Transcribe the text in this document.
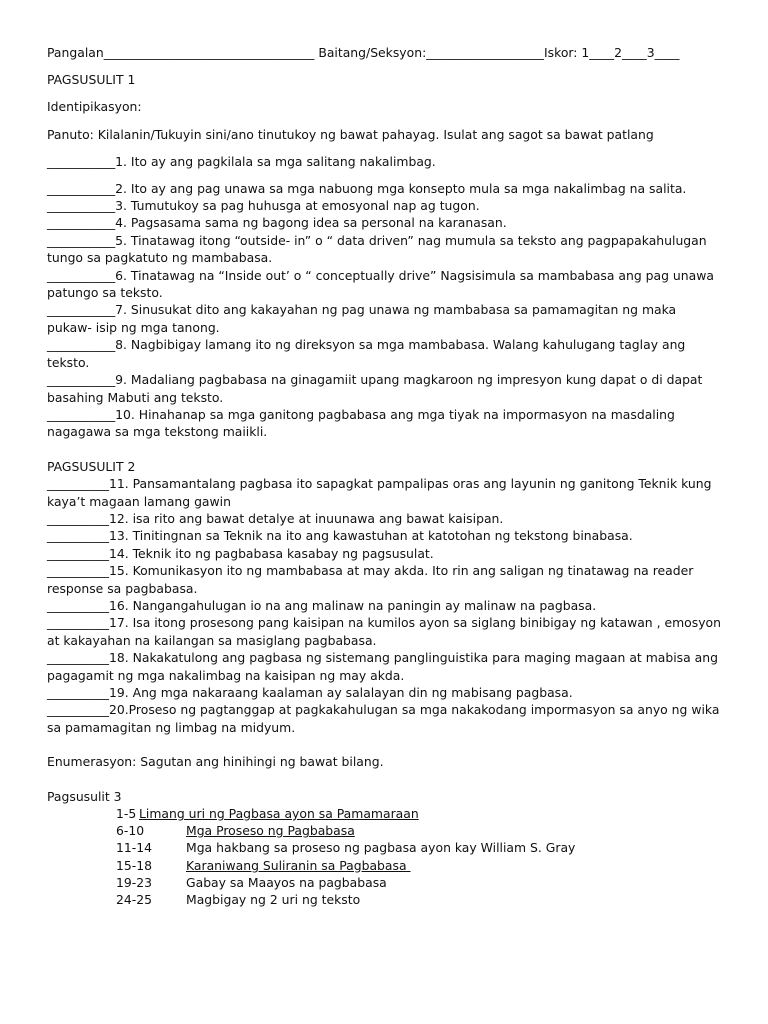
Pangalan__________________________________ Baitang/Seksyon:___________________Iskor: 1____2____3____
PAGSUSULIT 1
Identipikasyon:
Panuto: Kilalanin/Tukuyin sini/ano tinutukoy ng bawat pahayag. Isulat ang sagot sa bawat patlang
___________1. Ito ay ang pagkilala sa mga salitang nakalimbag.
___________2. Ito ay ang pag unawa sa mga nabuong mga konsepto mula sa mga nakalimbag na salita.
___________3. Tumutukoy sa pag huhusga at emosyonal nap ag tugon.
___________4. Pagsasama sama ng bagong idea sa personal na karanasan.
___________5. Tinatawag itong “outside- in” o “ data driven” nag mumula sa teksto ang pagpapakahulugan tungo sa pagkatuto ng mambabasa.
___________6. Tinatawag na “Inside out’ o “ conceptually drive” Nagsisimula sa mambabasa ang pag unawa patungo sa teksto.
___________7. Sinusukat dito ang kakayahan ng pag unawa ng mambabasa sa pamamagitan ng maka pukaw- isip ng mga tanong.
___________8. Nagbibigay lamang ito ng direksyon sa mga mambabasa. Walang kahulugang taglay ang teksto.
___________9. Madaliang pagbabasa na ginagamiit upang magkaroon ng impresyon kung dapat o di dapat basahing Mabuti ang teksto.
___________10. Hinahanap sa mga ganitong pagbabasa ang mga tiyak na impormasyon na masdaling nagagawa sa mga tekstong maiikli.
PAGSUSULIT 2
__________11. Pansamantalang pagbasa ito sapagkat pampalipas oras ang layunin ng ganitong Teknik kung kaya’t magaan lamang gawin
__________12. isa rito ang bawat detalye at inuunawa ang bawat kaisipan.
__________13. Tinitingnan sa Teknik na ito ang kawastuhan at katotohan ng tekstong binabasa.
__________14. Teknik ito ng pagbabasa kasabay ng pagsusulat.
__________15. Komunikasyon ito ng mambabasa at may akda. Ito rin ang saligan ng tinatawag na reader response sa pagbabasa.
__________16. Nangangahulugan io na ang malinaw na paningin ay malinaw na pagbasa.
__________17. Isa itong prosesong pang kaisipan na kumilos ayon sa siglang binibigay ng katawan , emosyon at kakayahan na kailangan sa masiglang pagbabasa.
__________18. Nakakatulong ang pagbasa ng sistemang panglinguistika para maging magaan at mabisa ang pagagamit ng mga nakalimbag na kaisipan ng may akda.
__________19. Ang mga nakaraang kaalaman ay salalayan din ng mabisang pagbasa.
__________20.Proseso ng pagtanggap at pagkakahulugan sa mga nakakodang impormasyon sa anyo ng wika sa pamamagitan ng limbag na midyum.
Enumerasyon: Sagutan ang hinihingi ng bawat bilang.
Pagsusulit 3
1-5 Limang uri ng Pagbasa ayon sa Pamamaraan
6-10	Mga Proseso ng Pagbabasa
11-14	Mga hakbang sa proseso ng pagbasa ayon kay William S. Gray
15-18	Karaniwang Suliranin sa Pagbabasa
19-23	Gabay sa Maayos na pagbabasa
24-25	Magbigay ng 2 uri ng teksto
